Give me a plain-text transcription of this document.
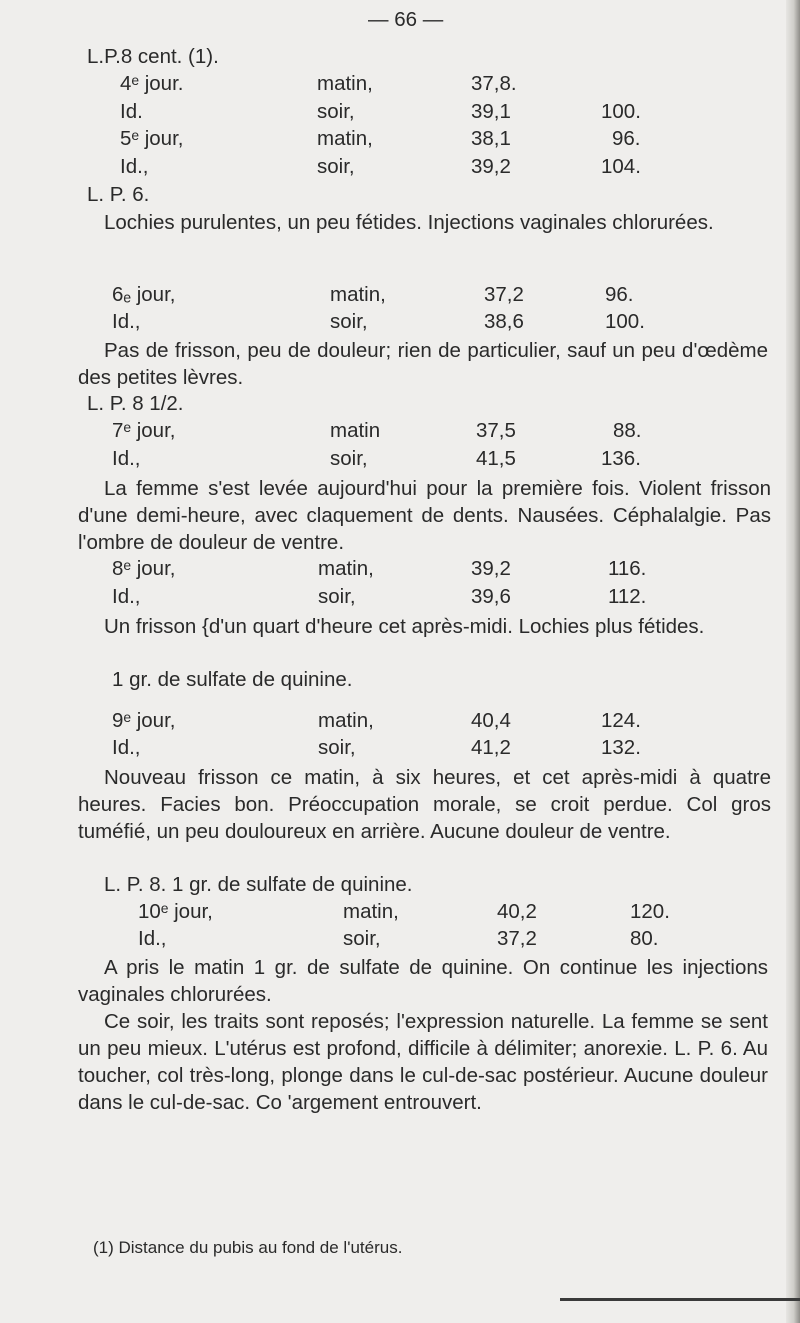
— 66 —
L.P.8 cent. (1).
4ᵉ jour.	matin,	37,8.
Id.	soir,	39,1	100.
5ᵉ jour,	matin,	38,1	96.
Id.,	soir,	39,2	104.
L. P. 6.
Lochies purulentes, un peu fétides. Injections vaginales chlorurées.
6ₑ jour,	matin,	37,2	96.
Id.,	soir,	38,6	100.
Pas de frisson, peu de douleur; rien de particulier, sauf un peu d'œdème des petites lèvres.
L. P. 8 1/2.
7ᵉ jour,	matin	37,5	88.
Id.,	soir,	41,5	136.
La femme s'est levée aujourd'hui pour la première fois. Violent frisson d'une demi-heure, avec claquement de dents. Nausées. Céphalalgie. Pas l'ombre de douleur de ventre.
8ᵉ jour,	matin,	39,2	116.
Id.,	soir,	39,6	112.
Un frisson {d'un quart d'heure cet après-midi. Lochies plus fétides.
1 gr. de sulfate de quinine.
9ᵉ jour,	matin,	40,4	124.
Id.,	soir,	41,2	132.
Nouveau frisson ce matin, à six heures, et cet après-midi à quatre heures. Facies bon. Préoccupation morale, se croit perdue. Col gros tuméfié, un peu douloureux en arrière. Aucune douleur de ventre.
L. P. 8. 1 gr. de sulfate de quinine.
10ᵉ jour,	matin,	40,2	120.
Id.,	soir,	37,2	80.
A pris le matin 1 gr. de sulfate de quinine. On continue les injections vaginales chlorurées.
Ce soir, les traits sont reposés; l'expression naturelle. La femme se sent un peu mieux. L'utérus est profond, difficile à délimiter; anorexie. L. P. 6. Au toucher, col très-long, plonge dans le cul-de-sac postérieur. Aucune douleur dans le cul-de-sac. Co 'argement entrouvert.
(1) Distance du pubis au fond de l'utérus.
